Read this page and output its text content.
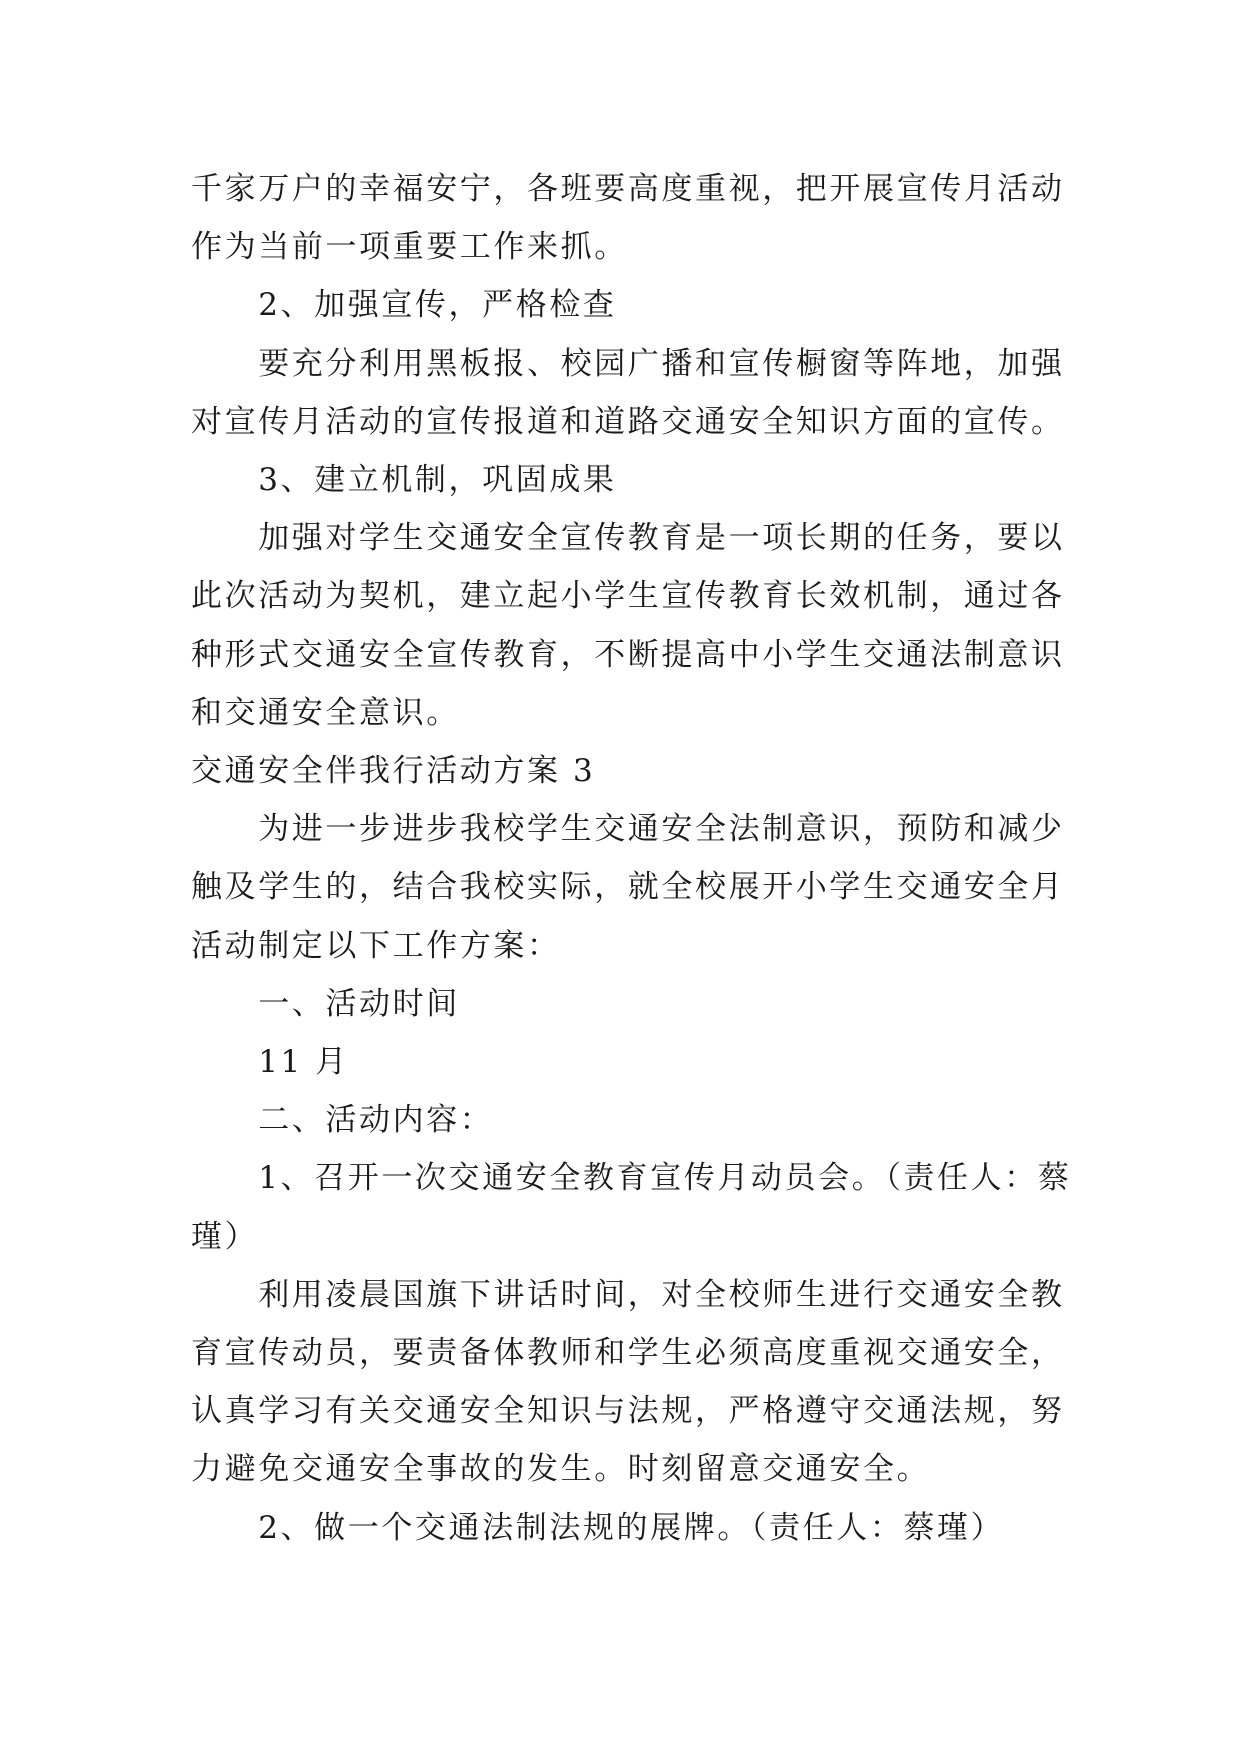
千家万户的幸福安宁，各班要高度重视，把开展宣传月活动

作为当前一项重要工作来抓。

　　2、加强宣传，严格检查

　　要充分利用黑板报、校园广播和宣传橱窗等阵地，加强

对宣传月活动的宣传报道和道路交通安全知识方面的宣传。

　　3、建立机制，巩固成果

　　加强对学生交通安全宣传教育是一项长期的任务，要以

此次活动为契机，建立起小学生宣传教育长效机制，通过各

种形式交通安全宣传教育，不断提高中小学生交通法制意识

和交通安全意识。

交通安全伴我行活动方案 3

　　为进一步进步我校学生交通安全法制意识，预防和减少

触及学生的，结合我校实际，就全校展开小学生交通安全月

活动制定以下工作方案：

　　一、活动时间

　　11 月

　　二、活动内容：

　　1、召开一次交通安全教育宣传月动员会。（责任人：蔡

瑾）

　　利用凌晨国旗下讲话时间，对全校师生进行交通安全教

育宣传动员，要责备体教师和学生必须高度重视交通安全，

认真学习有关交通安全知识与法规，严格遵守交通法规，努

力避免交通安全事故的发生。时刻留意交通安全。

　　2、做一个交通法制法规的展牌。（责任人：蔡瑾）
